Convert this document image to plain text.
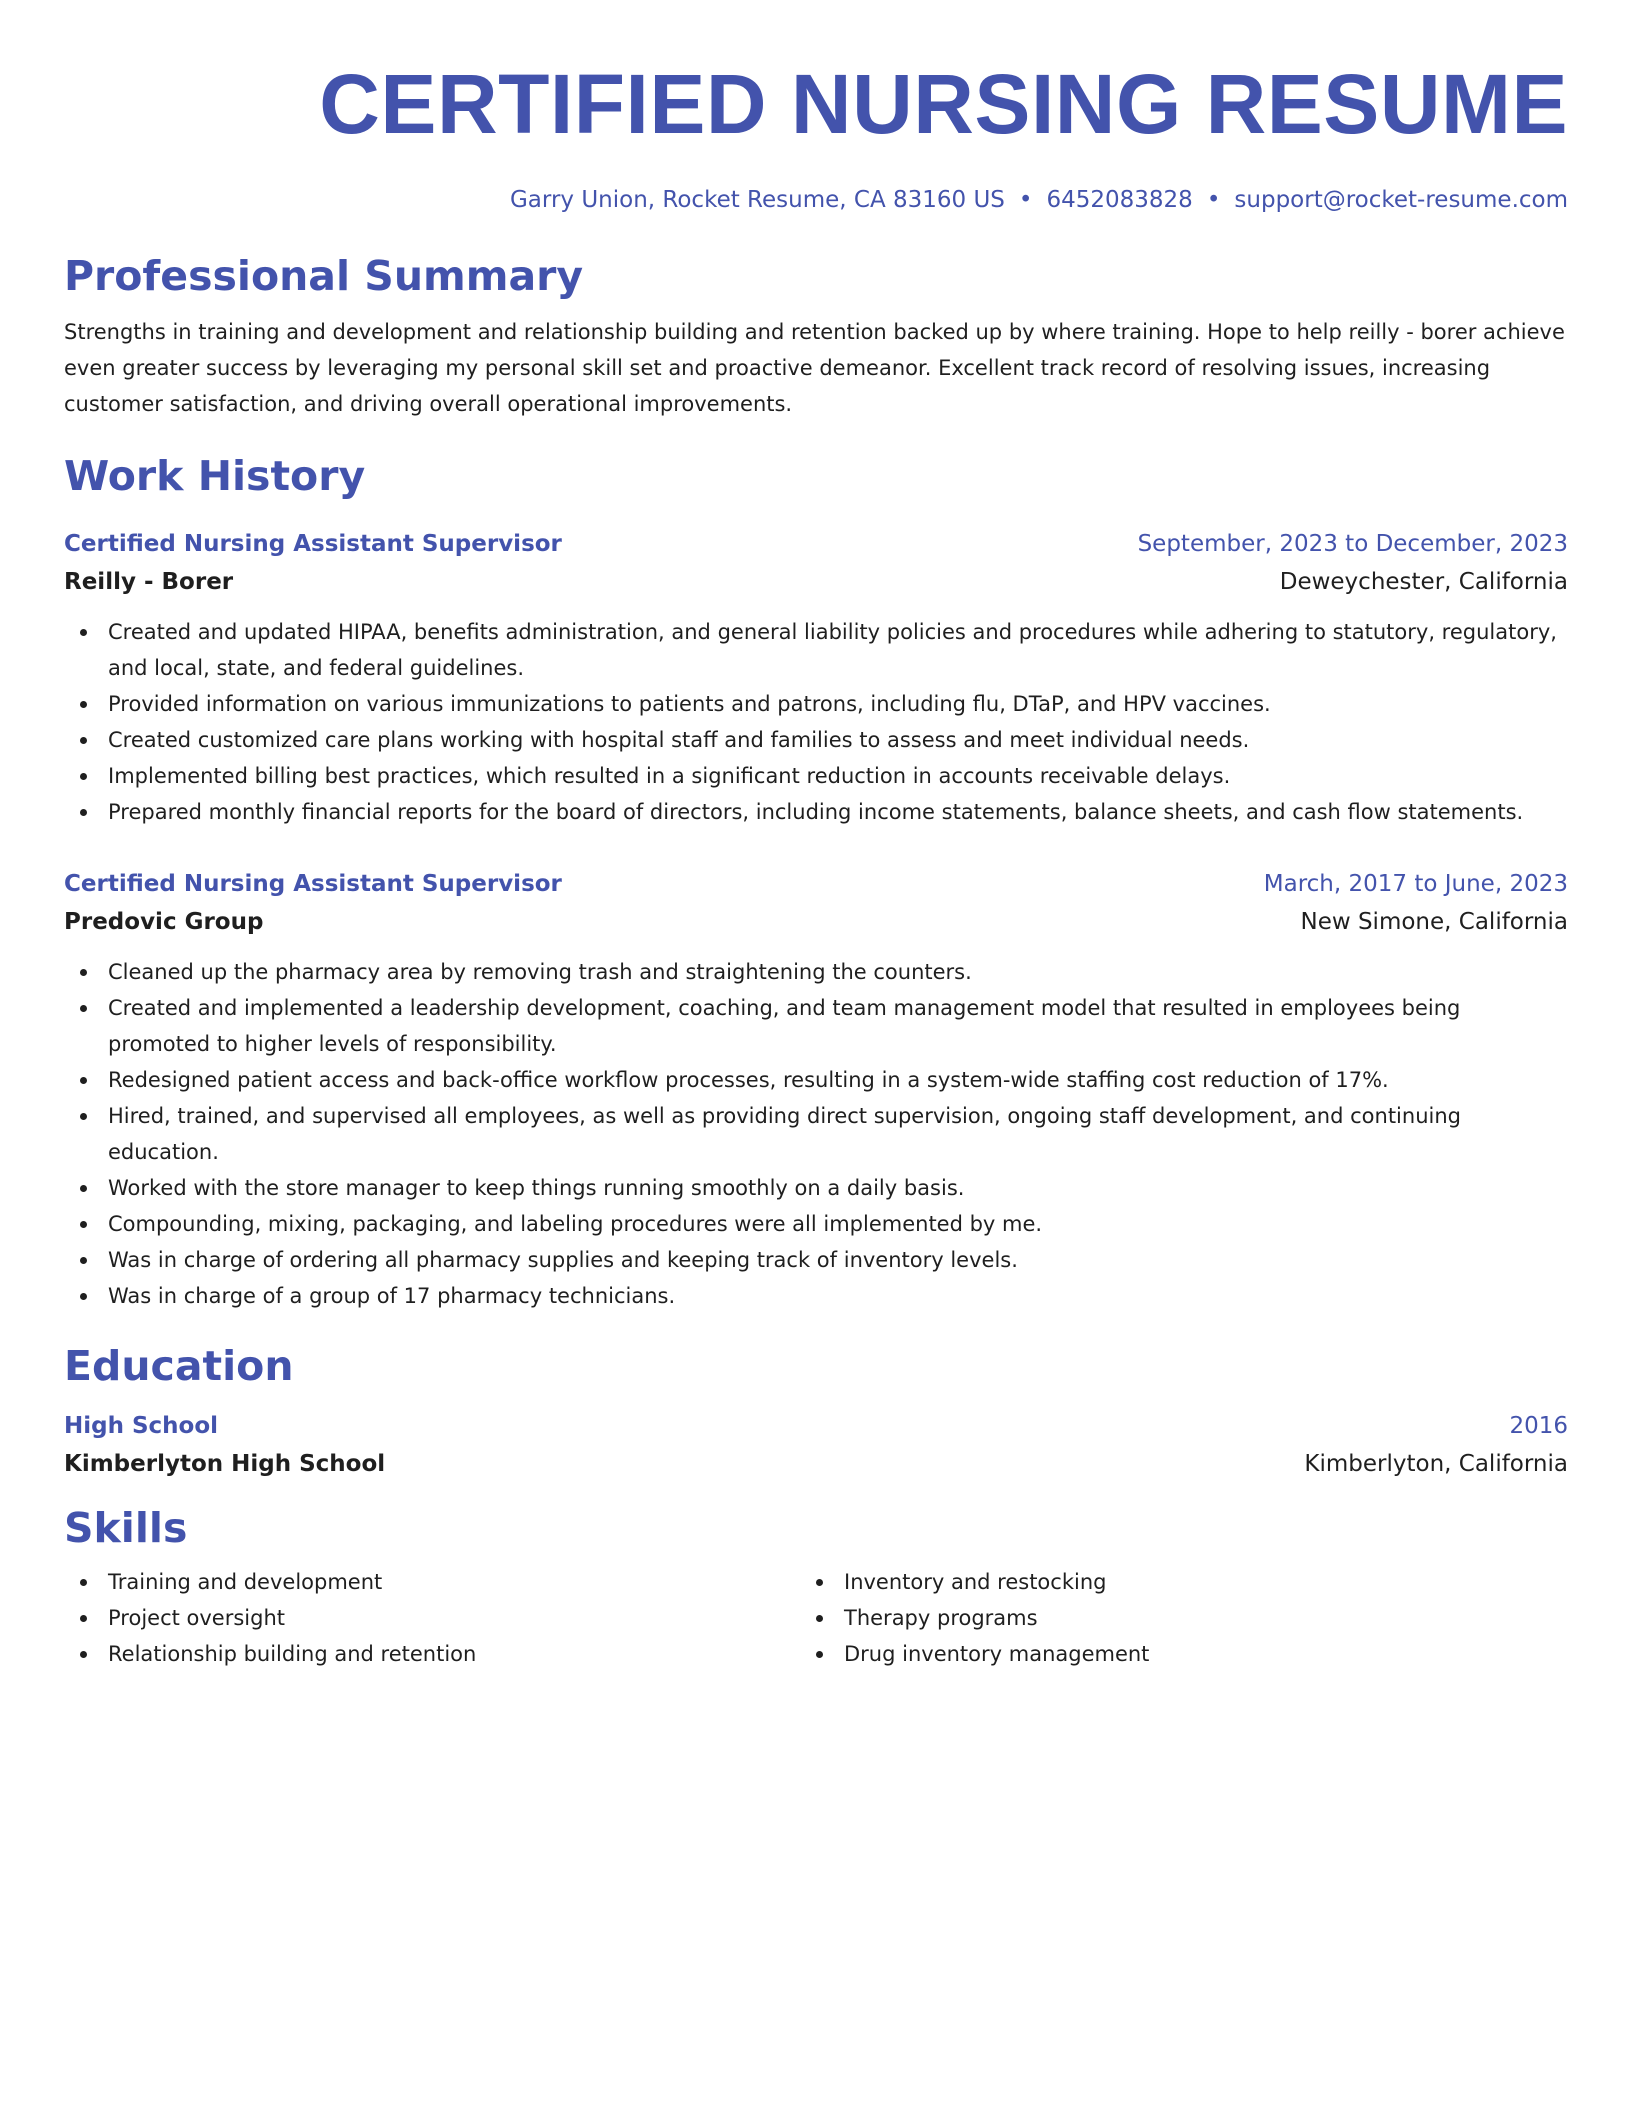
CERTIFIED NURSING RESUME
Garry Union, Rocket Resume, CA 83160 US • 6452083828 • support@rocket-resume.com
Professional Summary
Strengths in training and development and relationship building and retention backed up by where training. Hope to help reilly - borer achieve even greater success by leveraging my personal skill set and proactive demeanor. Excellent track record of resolving issues, increasing customer satisfaction, and driving overall operational improvements.
Work History
Certified Nursing Assistant Supervisor	September, 2023 to December, 2023
Reilly - Borer	Deweychester, California
Created and updated HIPAA, benefits administration, and general liability policies and procedures while adhering to statutory, regulatory, and local, state, and federal guidelines.
Provided information on various immunizations to patients and patrons, including flu, DTaP, and HPV vaccines.
Created customized care plans working with hospital staff and families to assess and meet individual needs.
Implemented billing best practices, which resulted in a significant reduction in accounts receivable delays.
Prepared monthly financial reports for the board of directors, including income statements, balance sheets, and cash flow statements.
Certified Nursing Assistant Supervisor	March, 2017 to June, 2023
Predovic Group	New Simone, California
Cleaned up the pharmacy area by removing trash and straightening the counters.
Created and implemented a leadership development, coaching, and team management model that resulted in employees being promoted to higher levels of responsibility.
Redesigned patient access and back-office workflow processes, resulting in a system-wide staffing cost reduction of 17%.
Hired, trained, and supervised all employees, as well as providing direct supervision, ongoing staff development, and continuing education.
Worked with the store manager to keep things running smoothly on a daily basis.
Compounding, mixing, packaging, and labeling procedures were all implemented by me.
Was in charge of ordering all pharmacy supplies and keeping track of inventory levels.
Was in charge of a group of 17 pharmacy technicians.
Education
High School	2016
Kimberlyton High School	Kimberlyton, California
Skills
Training and development
Project oversight
Relationship building and retention
Inventory and restocking
Therapy programs
Drug inventory management
